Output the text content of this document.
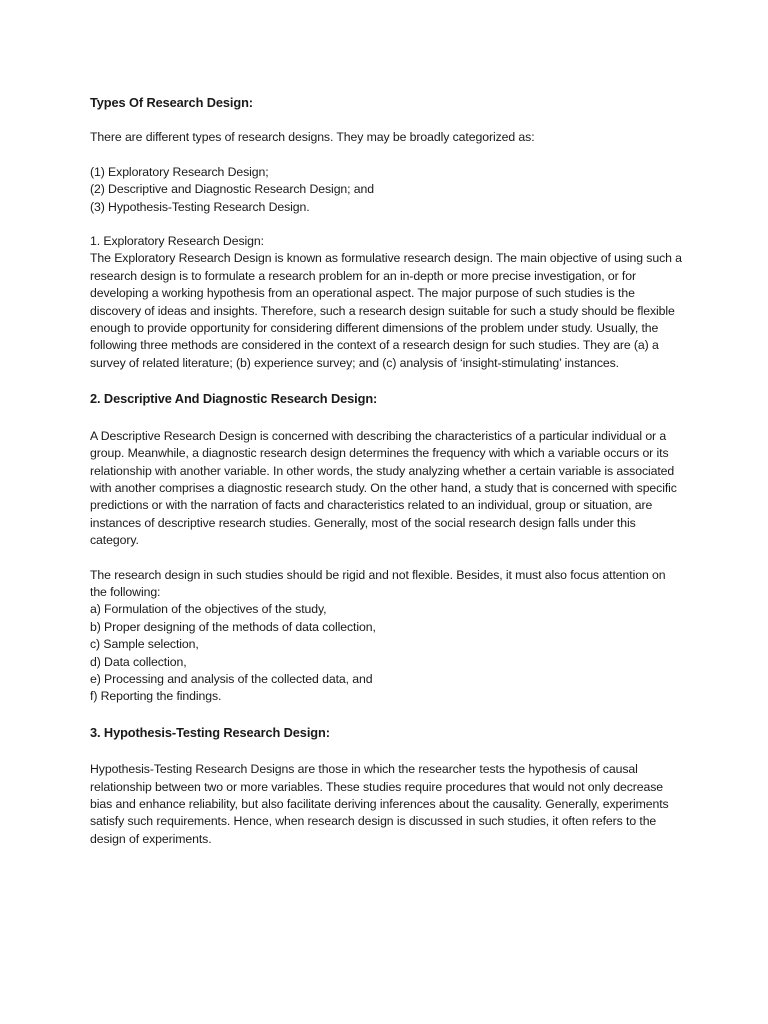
Types Of Research Design:

There are different types of research designs. They may be broadly categorized as:

(1) Exploratory Research Design;
(2) Descriptive and Diagnostic Research Design; and
(3) Hypothesis-Testing Research Design.

1. Exploratory Research Design:

The Exploratory Research Design is known as formulative research design. The main objective of using such a research design is to formulate a research problem for an in-depth or more precise investigation, or for developing a working hypothesis from an operational aspect. The major purpose of such studies is the discovery of ideas and insights. Therefore, such a research design suitable for such a study should be flexible enough to provide opportunity for considering different dimensions of the problem under study. Usually, the following three methods are considered in the context of a research design for such studies. They are (a) a survey of related literature; (b) experience survey; and (c) analysis of ‘insight-stimulating’ instances.

2. Descriptive And Diagnostic Research Design:

A Descriptive Research Design is concerned with describing the characteristics of a particular individual or a group. Meanwhile, a diagnostic research design determines the frequency with which a variable occurs or its relationship with another variable. In other words, the study analyzing whether a certain variable is associated with another comprises a diagnostic research study. On the other hand, a study that is concerned with specific predictions or with the narration of facts and characteristics related to an individual, group or situation, are instances of descriptive research studies. Generally, most of the social research design falls under this category.

The research design in such studies should be rigid and not flexible. Besides, it must also focus attention on the following:

a) Formulation of the objectives of the study,
b) Proper designing of the methods of data collection,
c) Sample selection,
d) Data collection,
e) Processing and analysis of the collected data, and
f) Reporting the findings.

3. Hypothesis-Testing Research Design:

Hypothesis-Testing Research Designs are those in which the researcher tests the hypothesis of causal relationship between two or more variables. These studies require procedures that would not only decrease bias and enhance reliability, but also facilitate deriving inferences about the causality. Generally, experiments satisfy such requirements. Hence, when research design is discussed in such studies, it often refers to the design of experiments.
